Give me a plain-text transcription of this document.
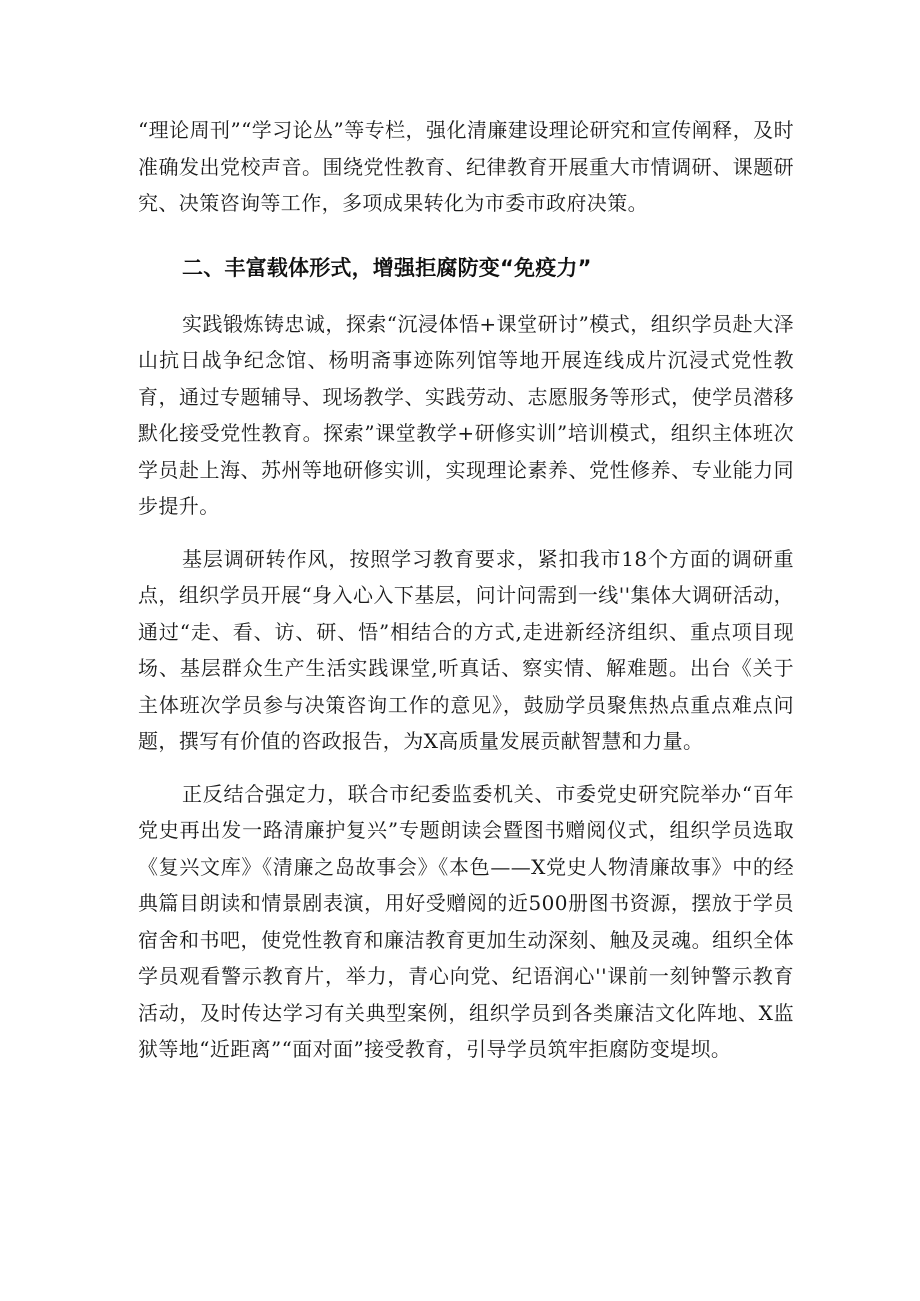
“理论周刊”“学习论丛”等专栏，强化清廉建设理论研究和宣传阐释，及时准确发出党校声音。围绕党性教育、纪律教育开展重大市情调研、课题研究、决策咨询等工作，多项成果转化为市委市政府决策。

二、丰富载体形式，增强拒腐防变“免疫力”

实践锻炼铸忠诚，探索“沉浸体悟+课堂研讨”模式，组织学员赴大泽山抗日战争纪念馆、杨明斋事迹陈列馆等地开展连线成片沉浸式党性教育，通过专题辅导、现场教学、实践劳动、志愿服务等形式，使学员潜移默化接受党性教育。探索”课堂教学+研修实训”培训模式，组织主体班次学员赴上海、苏州等地研修实训，实现理论素养、党性修养、专业能力同步提升。

基层调研转作风，按照学习教育要求，紧扣我市18个方面的调研重点，组织学员开展“身入心入下基层，问计问需到一线''集体大调研活动，通过“走、看、访、研、悟”相结合的方式,走进新经济组织、重点项目现场、基层群众生产生活实践课堂,听真话、察实情、解难题。出台《关于主体班次学员参与决策咨询工作的意见》，鼓励学员聚焦热点重点难点问题，撰写有价值的咨政报告，为X高质量发展贡献智慧和力量。

正反结合强定力，联合市纪委监委机关、市委党史研究院举办“百年党史再出发一路清廉护复兴”专题朗读会暨图书赠阅仪式，组织学员选取《复兴文库》《清廉之岛故事会》《本色——X党史人物清廉故事》中的经典篇目朗读和情景剧表演，用好受赠阅的近500册图书资源，摆放于学员宿舍和书吧，使党性教育和廉洁教育更加生动深刻、触及灵魂。组织全体学员观看警示教育片，举力，青心向党、纪语润心''课前一刻钟警示教育活动，及时传达学习有关典型案例，组织学员到各类廉洁文化阵地、X监狱等地“近距离”“面对面”接受教育，引导学员筑牢拒腐防变堤坝。
